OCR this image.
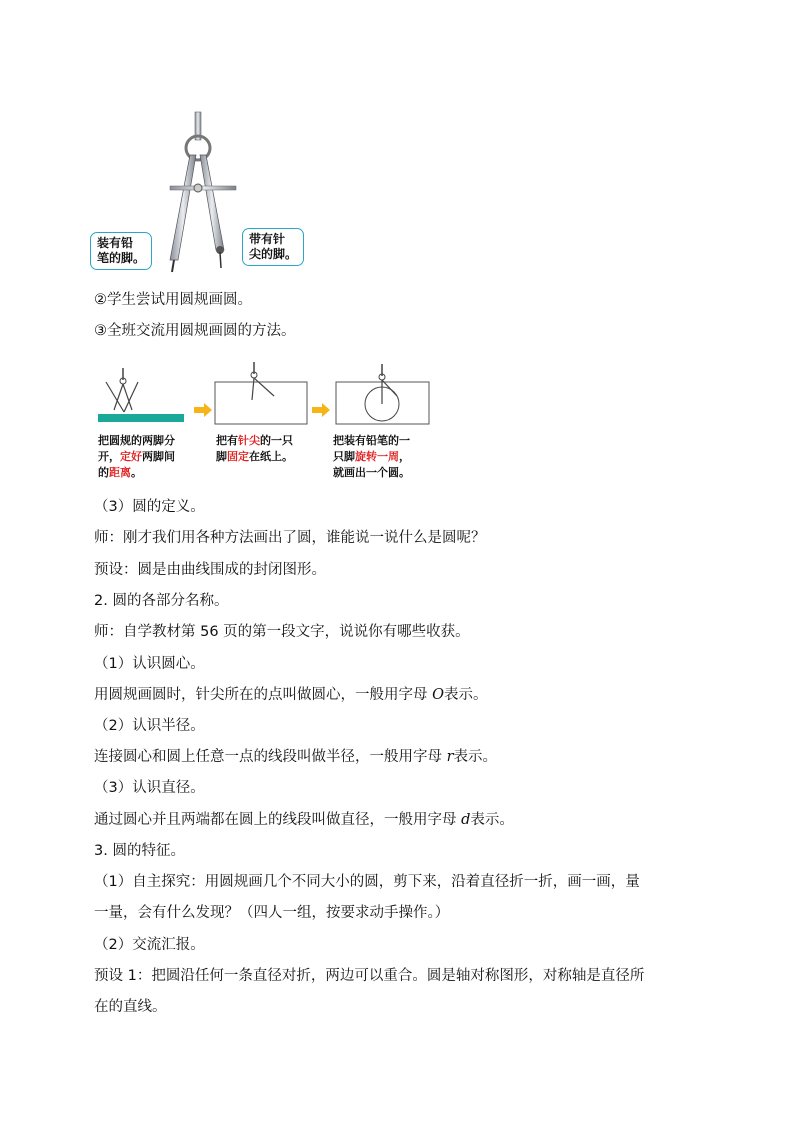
装有铅
笔的脚。
带有针
尖的脚。
②学生尝试用圆规画圆。
③全班交流用圆规画圆的方法。
把圆规的两脚分
开，定好两脚间
的距离。
把有针尖的一只
脚固定在纸上。
把装有铅笔的一
只脚旋转一周，
就画出一个圆。
（3）圆的定义。
师：刚才我们用各种方法画出了圆，谁能说一说什么是圆呢？
预设：圆是由曲线围成的封闭图形。
2. 圆的各部分名称。
师：自学教材第 56 页的第一段文字，说说你有哪些收获。
（1）认识圆心。
用圆规画圆时，针尖所在的点叫做圆心，一般用字母 O表示。
（2）认识半径。
连接圆心和圆上任意一点的线段叫做半径，一般用字母 r表示。
（3）认识直径。
通过圆心并且两端都在圆上的线段叫做直径，一般用字母 d表示。
3. 圆的特征。
（1）自主探究：用圆规画几个不同大小的圆，剪下来，沿着直径折一折，画一画，量
一量，会有什么发现？（四人一组，按要求动手操作。）
（2）交流汇报。
预设 1：把圆沿任何一条直径对折，两边可以重合。圆是轴对称图形，对称轴是直径所
在的直线。
